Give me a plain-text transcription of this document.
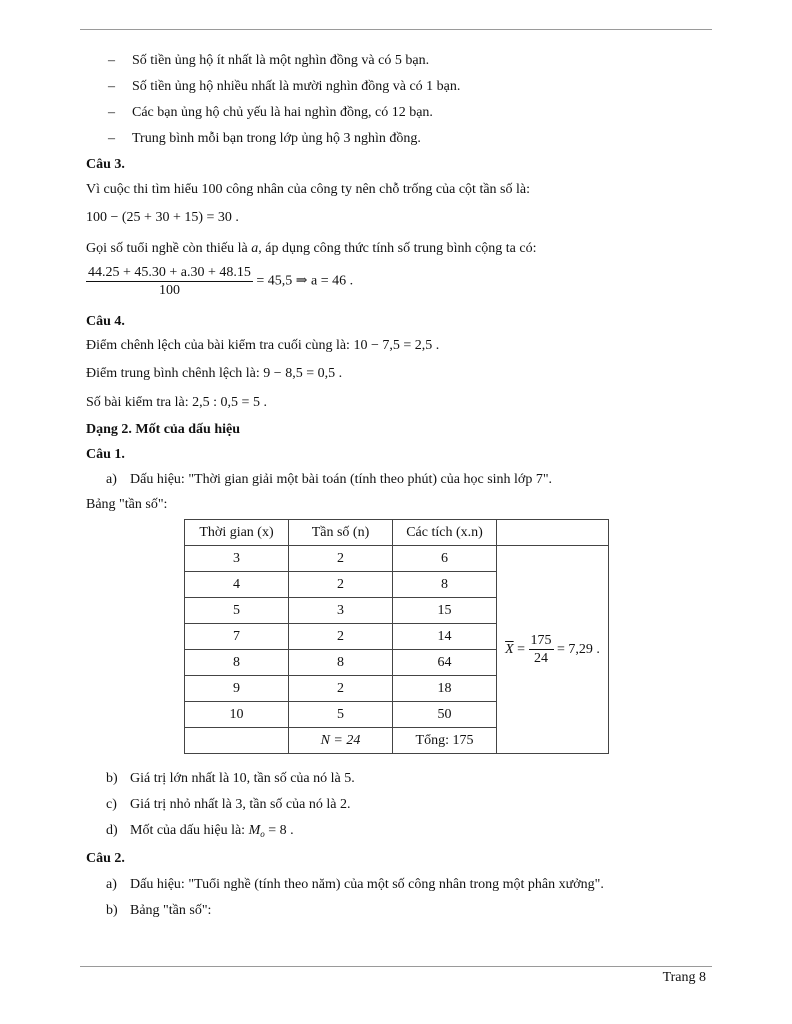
– Số tiền ủng hộ ít nhất là một nghìn đồng và có 5 bạn.
– Số tiền ủng hộ nhiều nhất là mười nghìn đồng và có 1 bạn.
– Các bạn ủng hộ chủ yếu là hai nghìn đồng, có 12 bạn.
– Trung bình mỗi bạn trong lớp ủng hộ 3 nghìn đồng.
Câu 3.
Vì cuộc thi tìm hiểu 100 công nhân của công ty nên chỗ trống của cột tần số là:
100 − (25 + 30 + 15) = 30 .
Gọi số tuổi nghề còn thiếu là a, áp dụng công thức tính số trung bình cộng ta có:
$\frac{44.25 + 45.30 + a.30 + 48.15}{100} = 45,5$ ⇒ a = 46 .
Câu 4.
Điểm chênh lệch của bài kiểm tra cuối cùng là: 10 − 7,5 = 2,5 .
Điểm trung bình chênh lệch là: 9 − 8,5 = 0,5 .
Số bài kiểm tra là: 2,5 : 0,5 = 5 .
Dạng 2. Mốt của dấu hiệu
Câu 1.
a) Dấu hiệu: "Thời gian giải một bài toán (tính theo phút) của học sinh lớp 7".
Bảng "tần số":
Thời gian (x)	Tần số (n)	Các tích (x.n)	
3	2	6	$\overline{X} = \frac{175}{24} = 7,29$ .
4	2	8	
5	3	15	
7	2	14	
8	8	64	
9	2	18	
10	5	50	
	N = 24	Tổng: 175	
b) Giá trị lớn nhất là 10, tần số của nó là 5.
c) Giá trị nhỏ nhất là 3, tần số của nó là 2.
d) Mốt của dấu hiệu là: $M_o = 8$ .
Câu 2.
a) Dấu hiệu: "Tuổi nghề (tính theo năm) của một số công nhân trong một phân xưởng".
b) Bảng "tần số":
Trang 8
